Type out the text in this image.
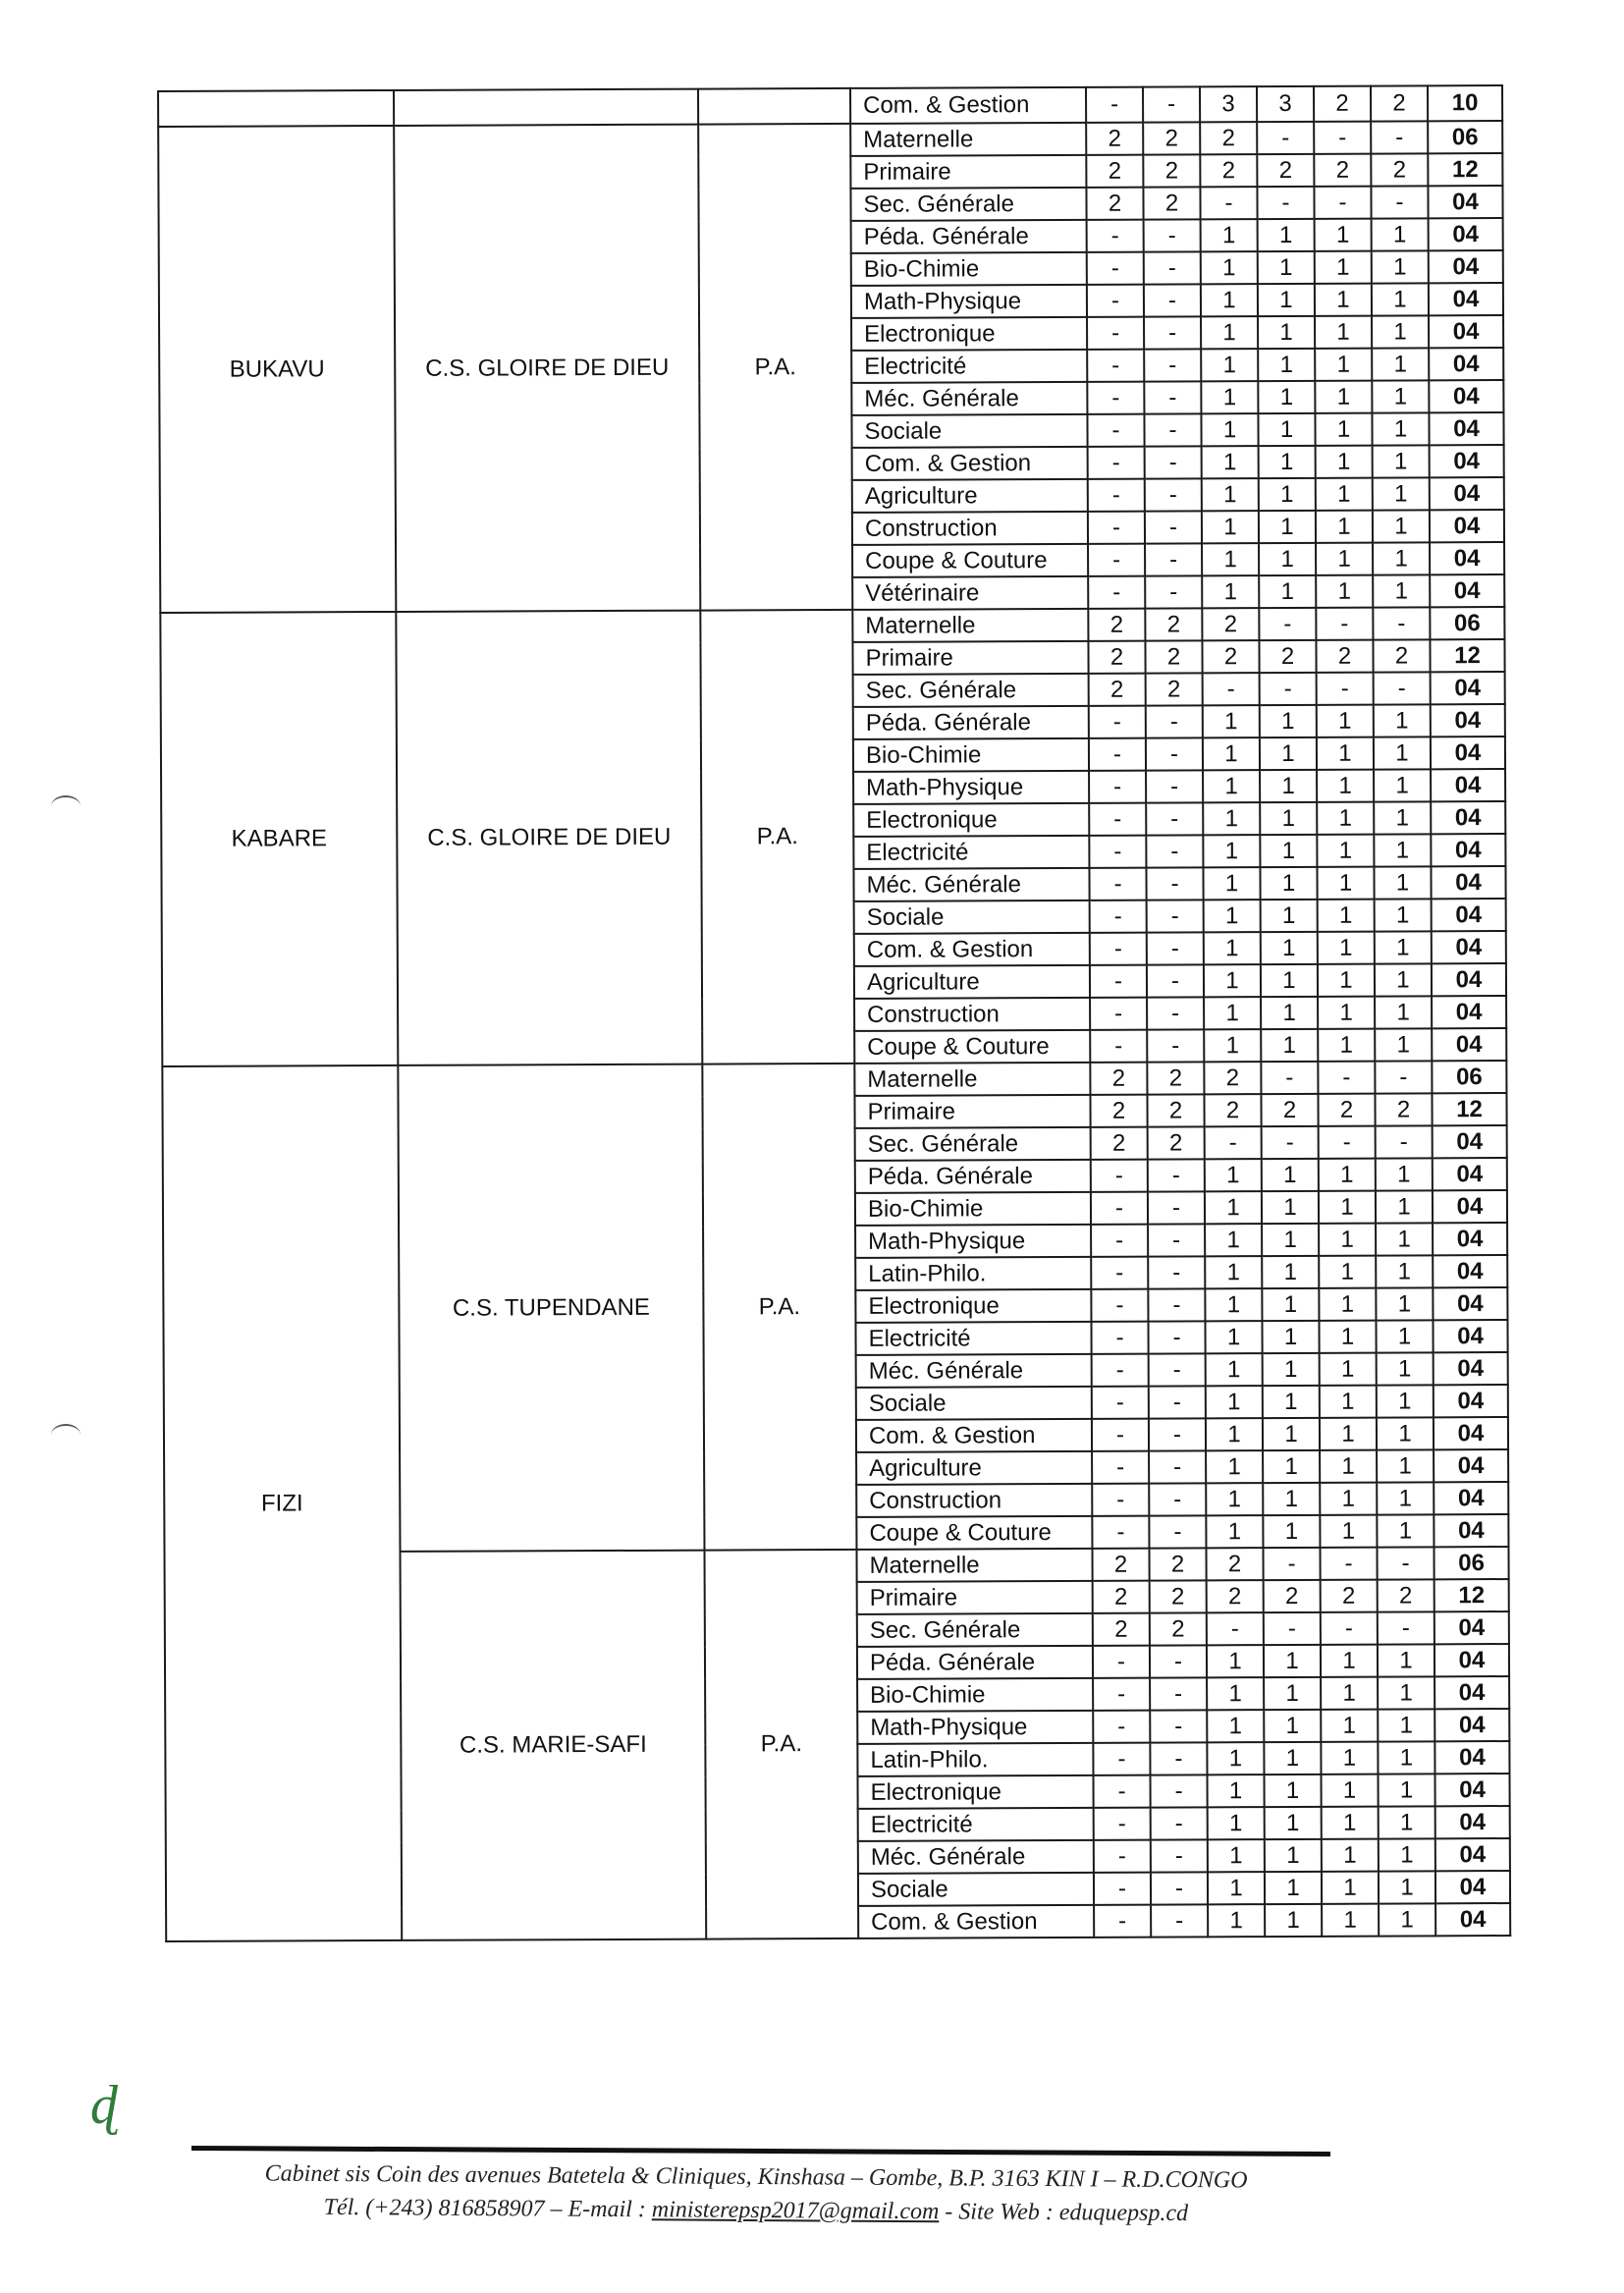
			Com. & Gestion	-	-	3	3	2	2	10
BUKAVU	C.S. GLOIRE DE DIEU	P.A.	Maternelle	2	2	2	-	-	-	06
			Primaire	2	2	2	2	2	2	12
			Sec. Générale	2	2	-	-	-	-	04
			Péda. Générale	-	-	1	1	1	1	04
			Bio-Chimie	-	-	1	1	1	1	04
			Math-Physique	-	-	1	1	1	1	04
			Electronique	-	-	1	1	1	1	04
			Electricité	-	-	1	1	1	1	04
			Méc. Générale	-	-	1	1	1	1	04
			Sociale	-	-	1	1	1	1	04
			Com. & Gestion	-	-	1	1	1	1	04
			Agriculture	-	-	1	1	1	1	04
			Construction	-	-	1	1	1	1	04
			Coupe & Couture	-	-	1	1	1	1	04
			Vétérinaire	-	-	1	1	1	1	04
KABARE	C.S. GLOIRE DE DIEU	P.A.	Maternelle	2	2	2	-	-	-	06
			Primaire	2	2	2	2	2	2	12
			Sec. Générale	2	2	-	-	-	-	04
			Péda. Générale	-	-	1	1	1	1	04
			Bio-Chimie	-	-	1	1	1	1	04
			Math-Physique	-	-	1	1	1	1	04
			Electronique	-	-	1	1	1	1	04
			Electricité	-	-	1	1	1	1	04
			Méc. Générale	-	-	1	1	1	1	04
			Sociale	-	-	1	1	1	1	04
			Com. & Gestion	-	-	1	1	1	1	04
			Agriculture	-	-	1	1	1	1	04
			Construction	-	-	1	1	1	1	04
			Coupe & Couture	-	-	1	1	1	1	04
FIZI	C.S. TUPENDANE	P.A.	Maternelle	2	2	2	-	-	-	06
			Primaire	2	2	2	2	2	2	12
			Sec. Générale	2	2	-	-	-	-	04
			Péda. Générale	-	-	1	1	1	1	04
			Bio-Chimie	-	-	1	1	1	1	04
			Math-Physique	-	-	1	1	1	1	04
			Latin-Philo.	-	-	1	1	1	1	04
			Electronique	-	-	1	1	1	1	04
			Electricité	-	-	1	1	1	1	04
			Méc. Générale	-	-	1	1	1	1	04
			Sociale	-	-	1	1	1	1	04
			Com. & Gestion	-	-	1	1	1	1	04
			Agriculture	-	-	1	1	1	1	04
			Construction	-	-	1	1	1	1	04
			Coupe & Couture	-	-	1	1	1	1	04
	C.S. MARIE-SAFI	P.A.	Maternelle	2	2	2	-	-	-	06
			Primaire	2	2	2	2	2	2	12
			Sec. Générale	2	2	-	-	-	-	04
			Péda. Générale	-	-	1	1	1	1	04
			Bio-Chimie	-	-	1	1	1	1	04
			Math-Physique	-	-	1	1	1	1	04
			Latin-Philo.	-	-	1	1	1	1	04
			Electronique	-	-	1	1	1	1	04
			Electricité	-	-	1	1	1	1	04
			Méc. Générale	-	-	1	1	1	1	04
			Sociale	-	-	1	1	1	1	04
			Com. & Gestion	-	-	1	1	1	1	04
Cabinet sis Coin des avenues Batetela & Cliniques, Kinshasa – Gombe, B.P. 3163 KIN I – R.D.CONGO
Tél. (+243) 816858907 – E-mail : ministerepsp2017@gmail.com - Site Web : eduquepsp.cd
ɖ
